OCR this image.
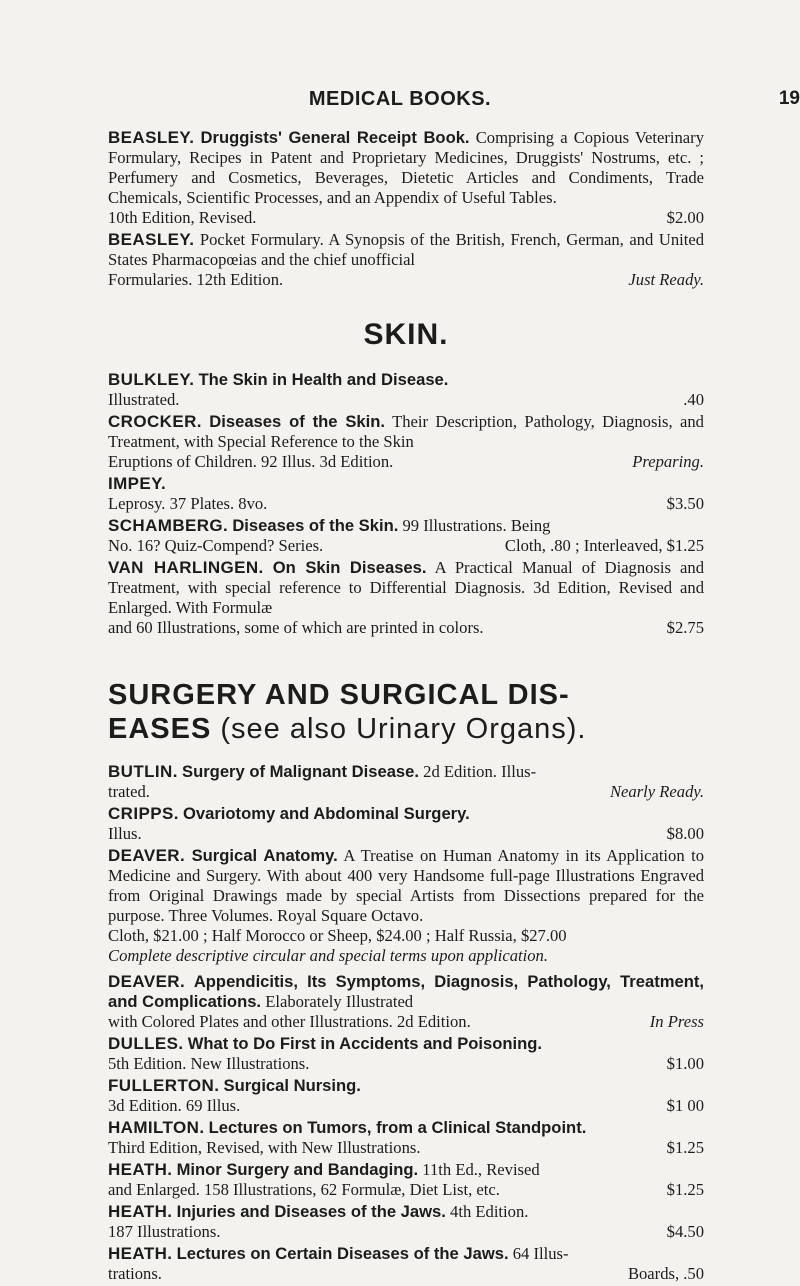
MEDICAL BOOKS.	19
BEASLEY. Druggists' General Receipt Book. Comprising a Copious Veterinary Formulary, Recipes in Patent and Proprietary Medicines, Druggists' Nostrums, etc. ; Perfumery and Cosmetics, Beverages, Dietetic Articles and Condiments, Trade Chemicals, Scientific Processes, and an Appendix of Useful Tables.
10th Edition, Revised.	$2.00
BEASLEY. Pocket Formulary. A Synopsis of the British, French, German, and United States Pharmacopœias and the chief unofficial
Formularies. 12th Edition.	Just Ready.
SKIN.
BULKLEY. The Skin in Health and Disease.
Illustrated.	.40
CROCKER. Diseases of the Skin. Their Description, Pathology, Diagnosis, and Treatment, with Special Reference to the Skin
Eruptions of Children. 92 Illus. 3d Edition.	Preparing.
IMPEY.
Leprosy. 37 Plates. 8vo.	$3.50
SCHAMBERG. Diseases of the Skin. 99 Illustrations. Being
No. 16? Quiz-Compend? Series.	Cloth, .80 ; Interleaved, $1.25
VAN HARLINGEN. On Skin Diseases. A Practical Manual of Diagnosis and Treatment, with special reference to Differential Diagnosis. 3d Edition, Revised and Enlarged. With Formulæ
and 60 Illustrations, some of which are printed in colors.	$2.75
SURGERY AND SURGICAL DIS-
EASES (see also Urinary Organs).
BUTLIN. Surgery of Malignant Disease. 2d Edition. Illus-
trated.	Nearly Ready.
CRIPPS. Ovariotomy and Abdominal Surgery.
Illus.	$8.00
DEAVER. Surgical Anatomy. A Treatise on Human Anatomy in its Application to Medicine and Surgery. With about 400 very Handsome full-page Illustrations Engraved from Original Drawings made by special Artists from Dissections prepared for the purpose. Three Volumes. Royal Square Octavo.
Cloth, $21.00 ; Half Morocco or Sheep, $24.00 ; Half Russia, $27.00
Complete descriptive circular and special terms upon application.
DEAVER. Appendicitis, Its Symptoms, Diagnosis, Pathology, Treatment, and Complications. Elaborately Illustrated
with Colored Plates and other Illustrations. 2d Edition.	In Press
DULLES. What to Do First in Accidents and Poisoning.
5th Edition. New Illustrations.	$1.00
FULLERTON. Surgical Nursing.
3d Edition. 69 Illus.	$1 00
HAMILTON. Lectures on Tumors, from a Clinical Standpoint.
Third Edition, Revised, with New Illustrations.	$1.25
HEATH. Minor Surgery and Bandaging. 11th Ed., Revised
and Enlarged. 158 Illustrations, 62 Formulæ, Diet List, etc.	$1.25
HEATH. Injuries and Diseases of the Jaws. 4th Edition.
187 Illustrations.	$4.50
HEATH. Lectures on Certain Diseases of the Jaws. 64 Illus-
trations.	Boards, .50
